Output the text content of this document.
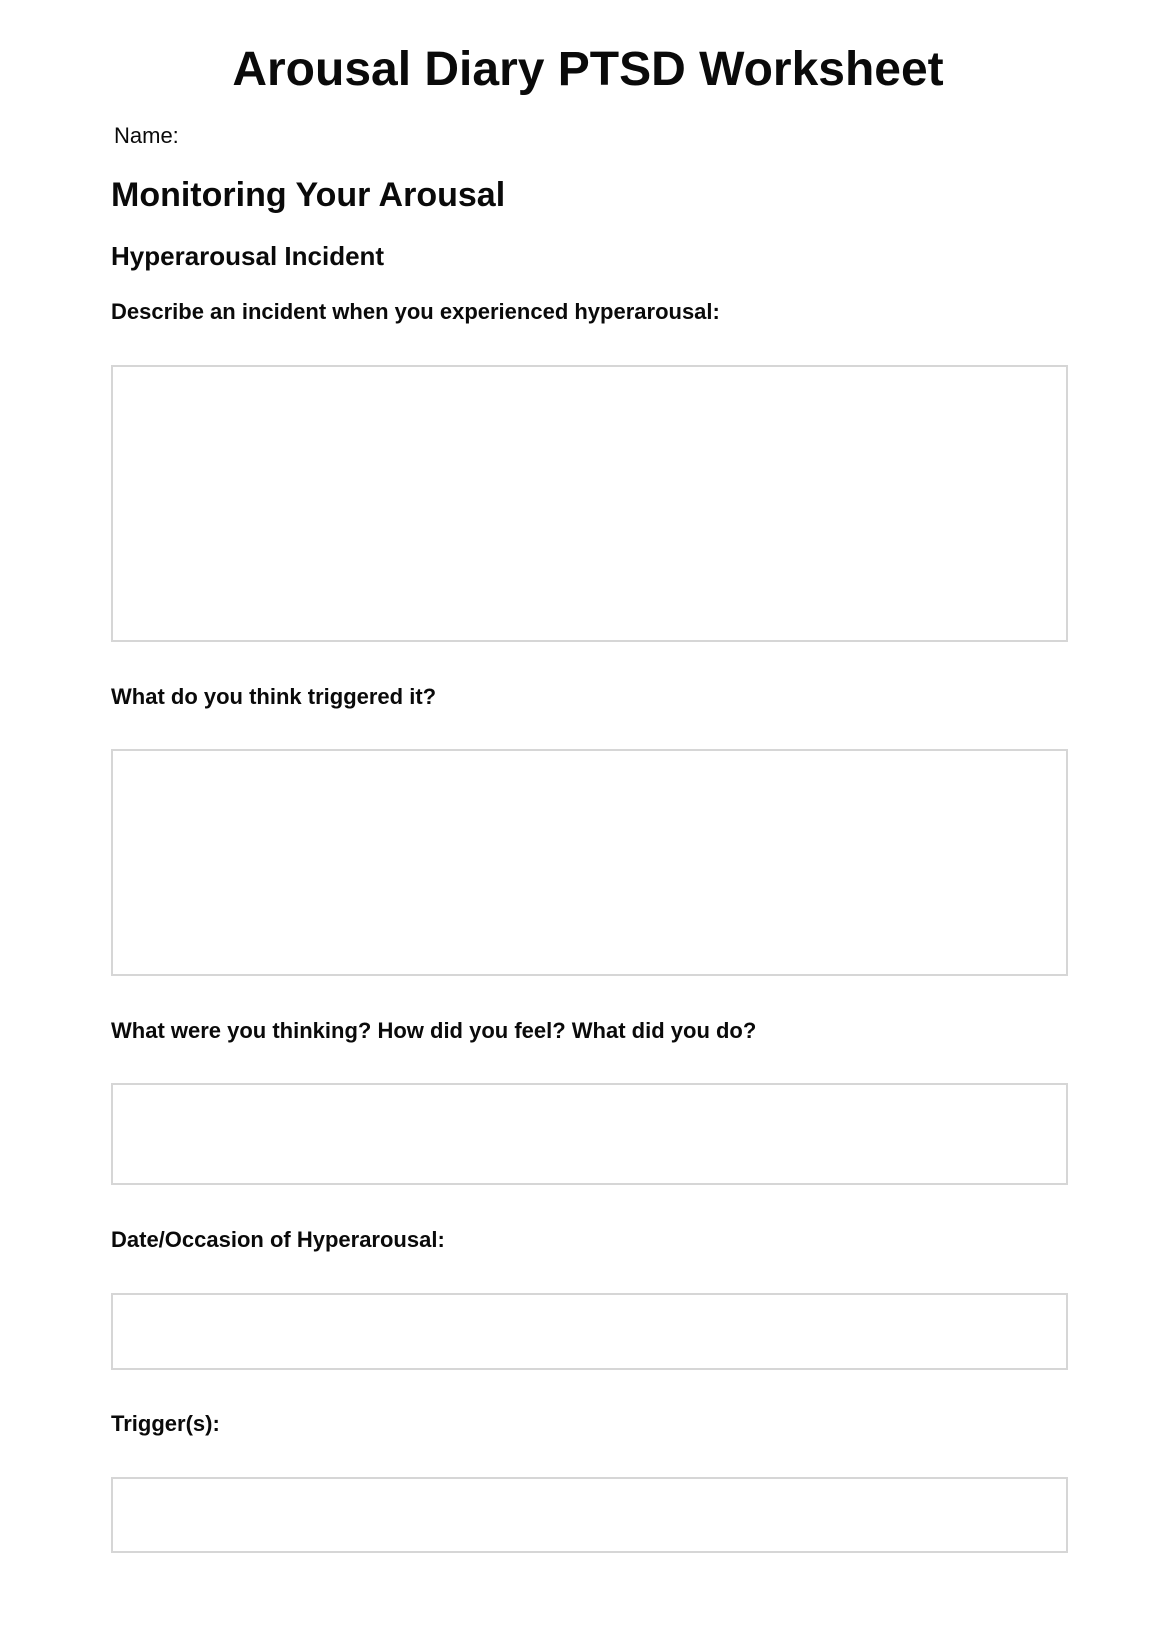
Arousal Diary PTSD Worksheet
Name:
Monitoring Your Arousal
Hyperarousal Incident
Describe an incident when you experienced hyperarousal:
What do you think triggered it?
What were you thinking? How did you feel? What did you do?
Date/Occasion of Hyperarousal:
Trigger(s):
